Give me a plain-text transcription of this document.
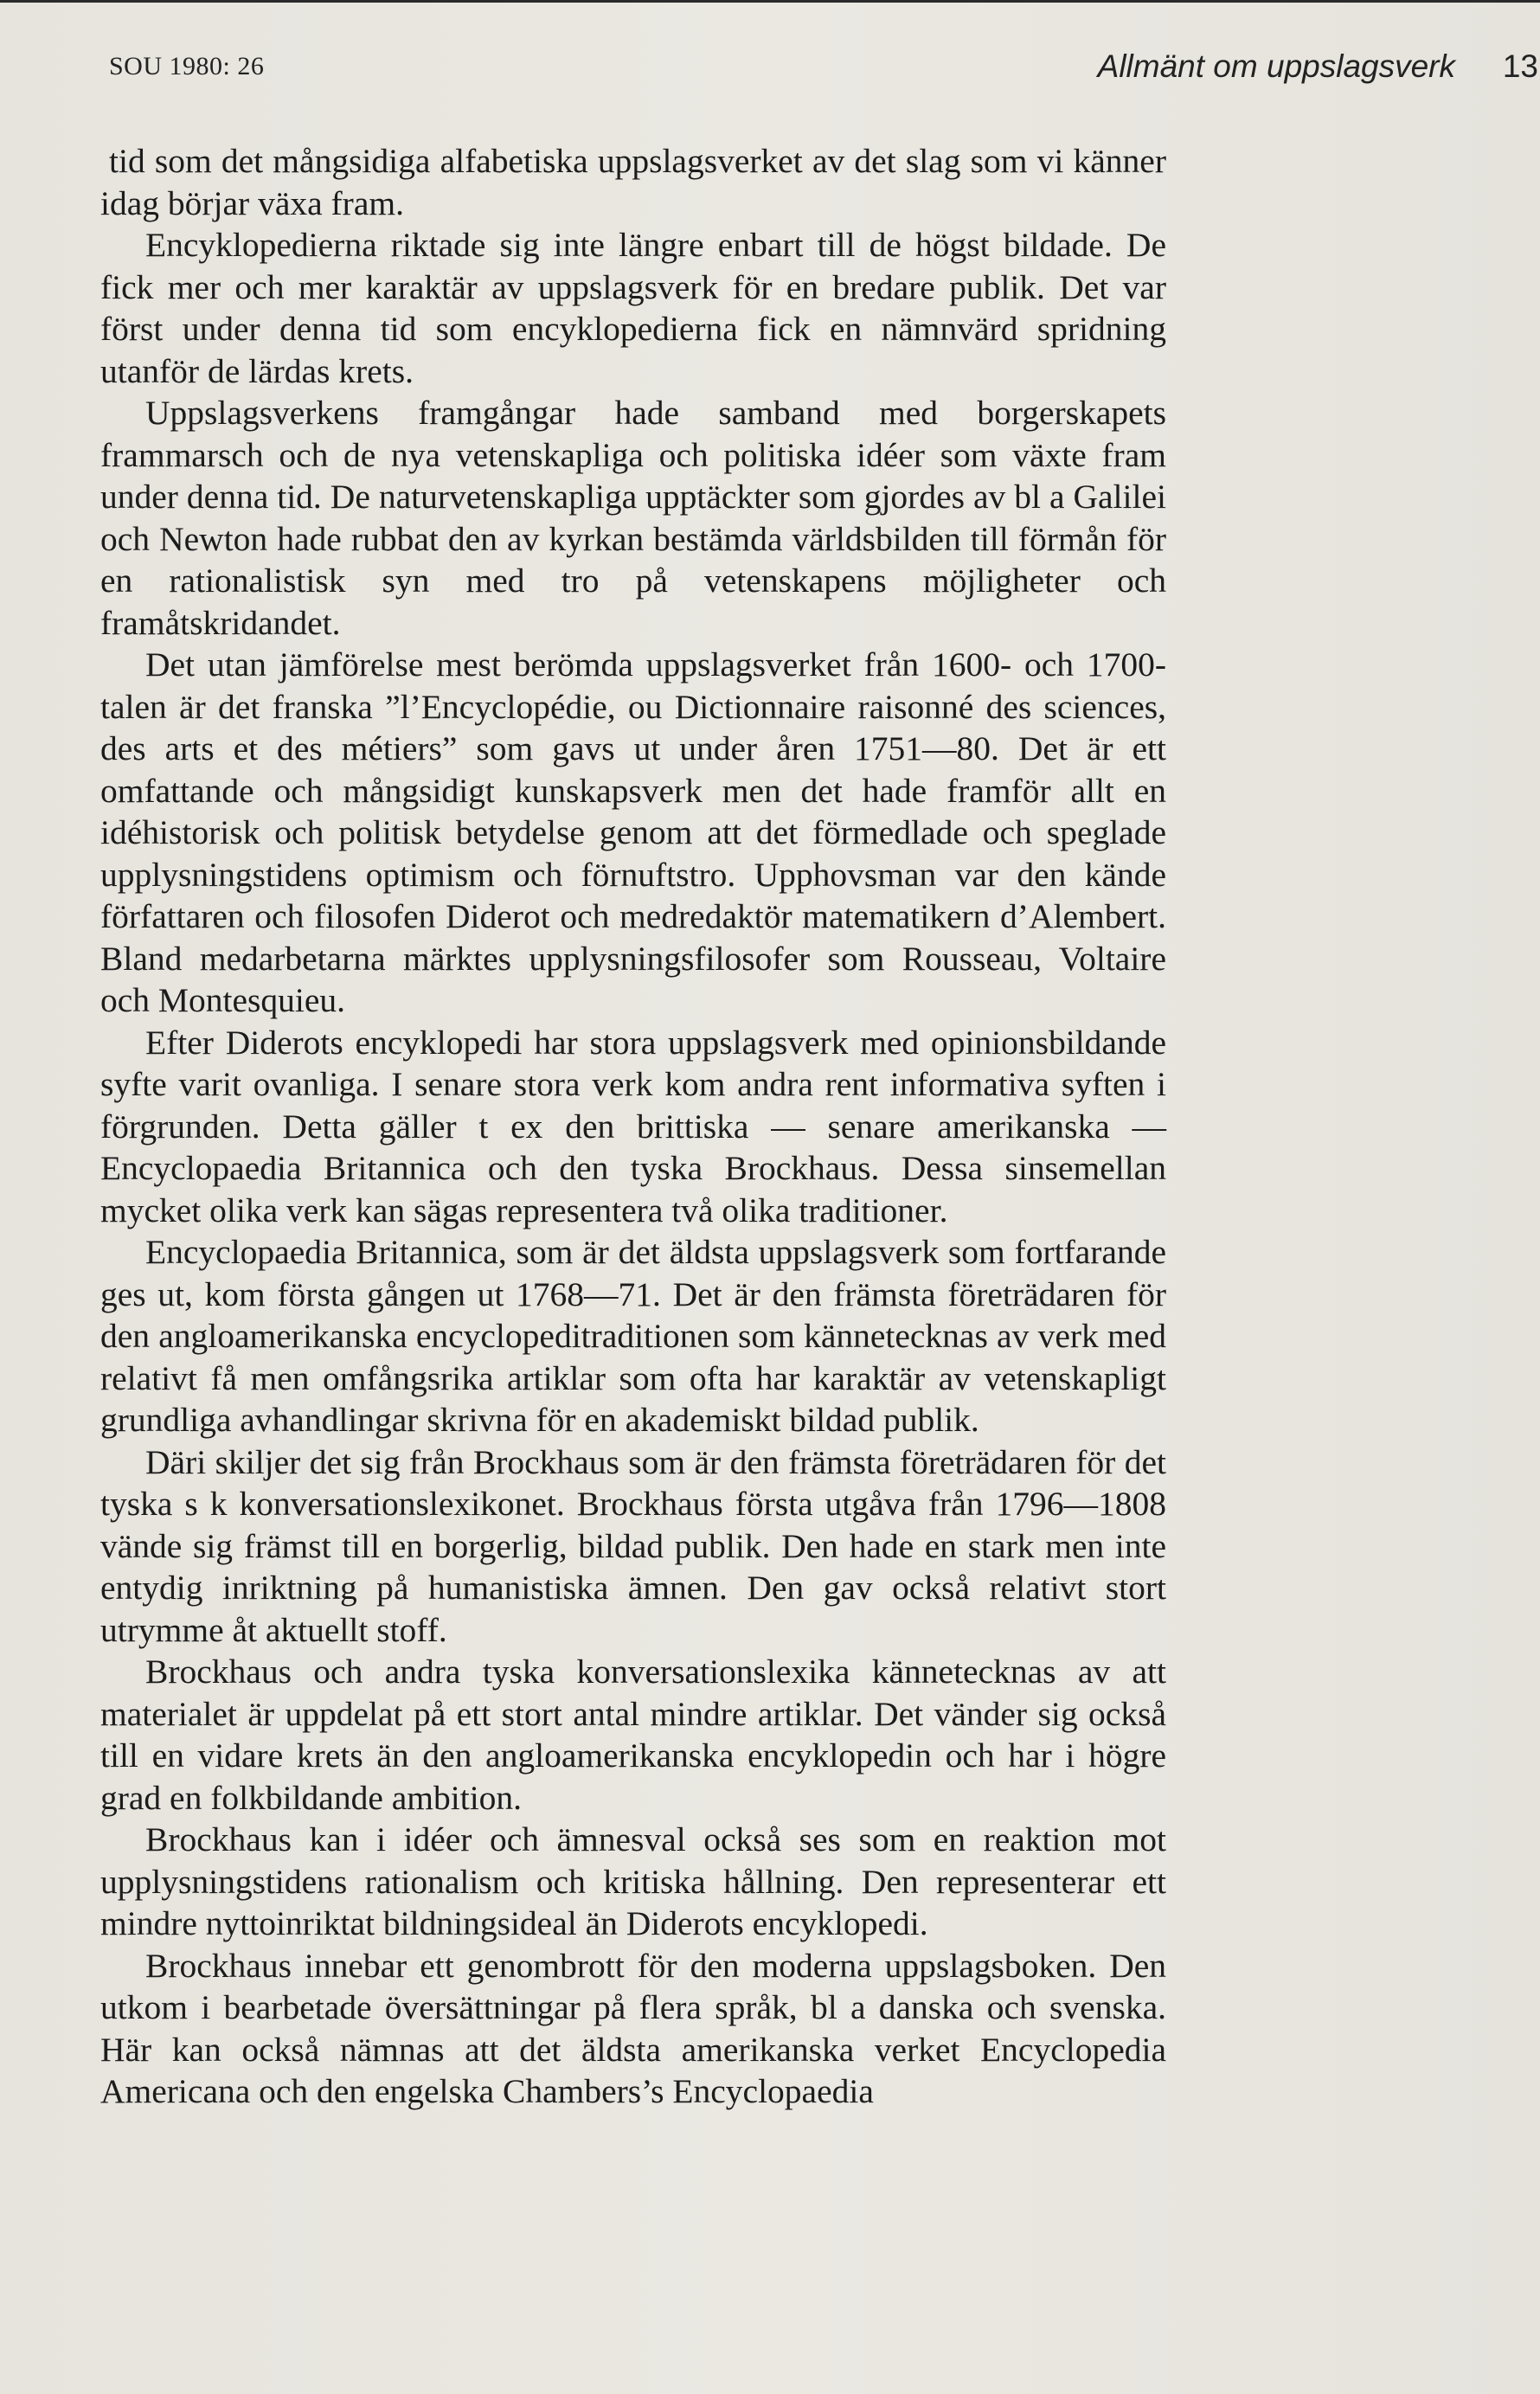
SOU 1980: 26	Allmänt om uppslagsverk 13

tid som det mångsidiga alfabetiska uppslagsverket av det slag som vi känner idag börjar växa fram.

Encyklopedierna riktade sig inte längre enbart till de högst bildade. De fick mer och mer karaktär av uppslagsverk för en bredare publik. Det var först under denna tid som encyklopedierna fick en nämnvärd spridning utanför de lärdas krets.

Uppslagsverkens framgångar hade samband med borgerskapets frammarsch och de nya vetenskapliga och politiska idéer som växte fram under denna tid. De naturvetenskapliga upptäckter som gjordes av bl a Galilei och Newton hade rubbat den av kyrkan bestämda världsbilden till förmån för en rationalistisk syn med tro på vetenskapens möjligheter och framåtskridandet.

Det utan jämförelse mest berömda uppslagsverket från 1600- och 1700-talen är det franska ”l’Encyclopédie, ou Dictionnaire raisonné des sciences, des arts et des métiers” som gavs ut under åren 1751—80. Det är ett omfattande och mångsidigt kunskapsverk men det hade framför allt en idéhistorisk och politisk betydelse genom att det förmedlade och speglade upplysningstidens optimism och förnuftstro. Upphovsman var den kände författaren och filosofen Diderot och medredaktör matematikern d’Alembert. Bland medarbetarna märktes upplysningsfilosofer som Rousseau, Voltaire och Montesquieu.

Efter Diderots encyklopedi har stora uppslagsverk med opinionsbildande syfte varit ovanliga. I senare stora verk kom andra rent informativa syften i förgrunden. Detta gäller t ex den brittiska — senare amerikanska — Encyclopaedia Britannica och den tyska Brockhaus. Dessa sinsemellan mycket olika verk kan sägas representera två olika traditioner.

Encyclopaedia Britannica, som är det äldsta uppslagsverk som fortfarande ges ut, kom första gången ut 1768—71. Det är den främsta företrädaren för den angloamerikanska encyclopeditraditionen som kännetecknas av verk med relativt få men omfångsrika artiklar som ofta har karaktär av vetenskapligt grundliga avhandlingar skrivna för en akademiskt bildad publik.

Däri skiljer det sig från Brockhaus som är den främsta företrädaren för det tyska s k konversationslexikonet. Brockhaus första utgåva från 1796—1808 vände sig främst till en borgerlig, bildad publik. Den hade en stark men inte entydig inriktning på humanistiska ämnen. Den gav också relativt stort utrymme åt aktuellt stoff.

Brockhaus och andra tyska konversationslexika kännetecknas av att materialet är uppdelat på ett stort antal mindre artiklar. Det vänder sig också till en vidare krets än den angloamerikanska encyklopedin och har i högre grad en folkbildande ambition.

Brockhaus kan i idéer och ämnesval också ses som en reaktion mot upplysningstidens rationalism och kritiska hållning. Den representerar ett mindre nyttoinriktat bildningsideal än Diderots encyklopedi.

Brockhaus innebar ett genombrott för den moderna uppslagsboken. Den utkom i bearbetade översättningar på flera språk, bl a danska och svenska. Här kan också nämnas att det äldsta amerikanska verket Encyclopedia Americana och den engelska Chambers’s Encyclopaedia
